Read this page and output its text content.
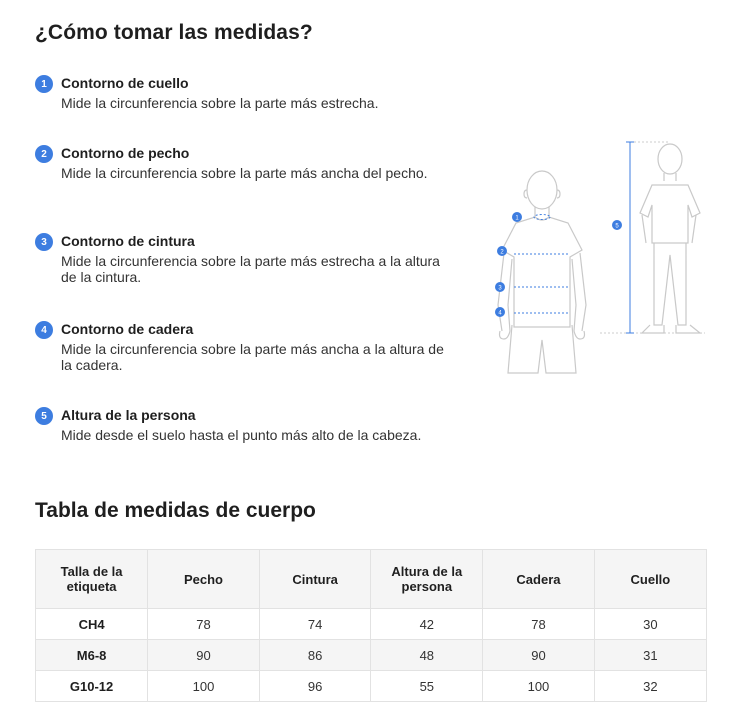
¿Cómo tomar las medidas?
1	Contorno de cuello
Mide la circunferencia sobre la parte más estrecha.
2	Contorno de pecho
Mide la circunferencia sobre la parte más ancha del pecho.
3	Contorno de cintura
Mide la circunferencia sobre la parte más estrecha a la altura de la cintura.
4	Contorno de cadera
Mide la circunferencia sobre la parte más ancha a la altura de la cadera.
5	Altura de la persona
Mide desde el suelo hasta el punto más alto de la cabeza.
1
2
3
4
5
Tabla de medidas de cuerpo
Talla de la etiqueta	Pecho	Cintura	Altura de la persona	Cadera	Cuello
CH4	78	74	42	78	30
M6-8	90	86	48	90	31
G10-12	100	96	55	100	32
